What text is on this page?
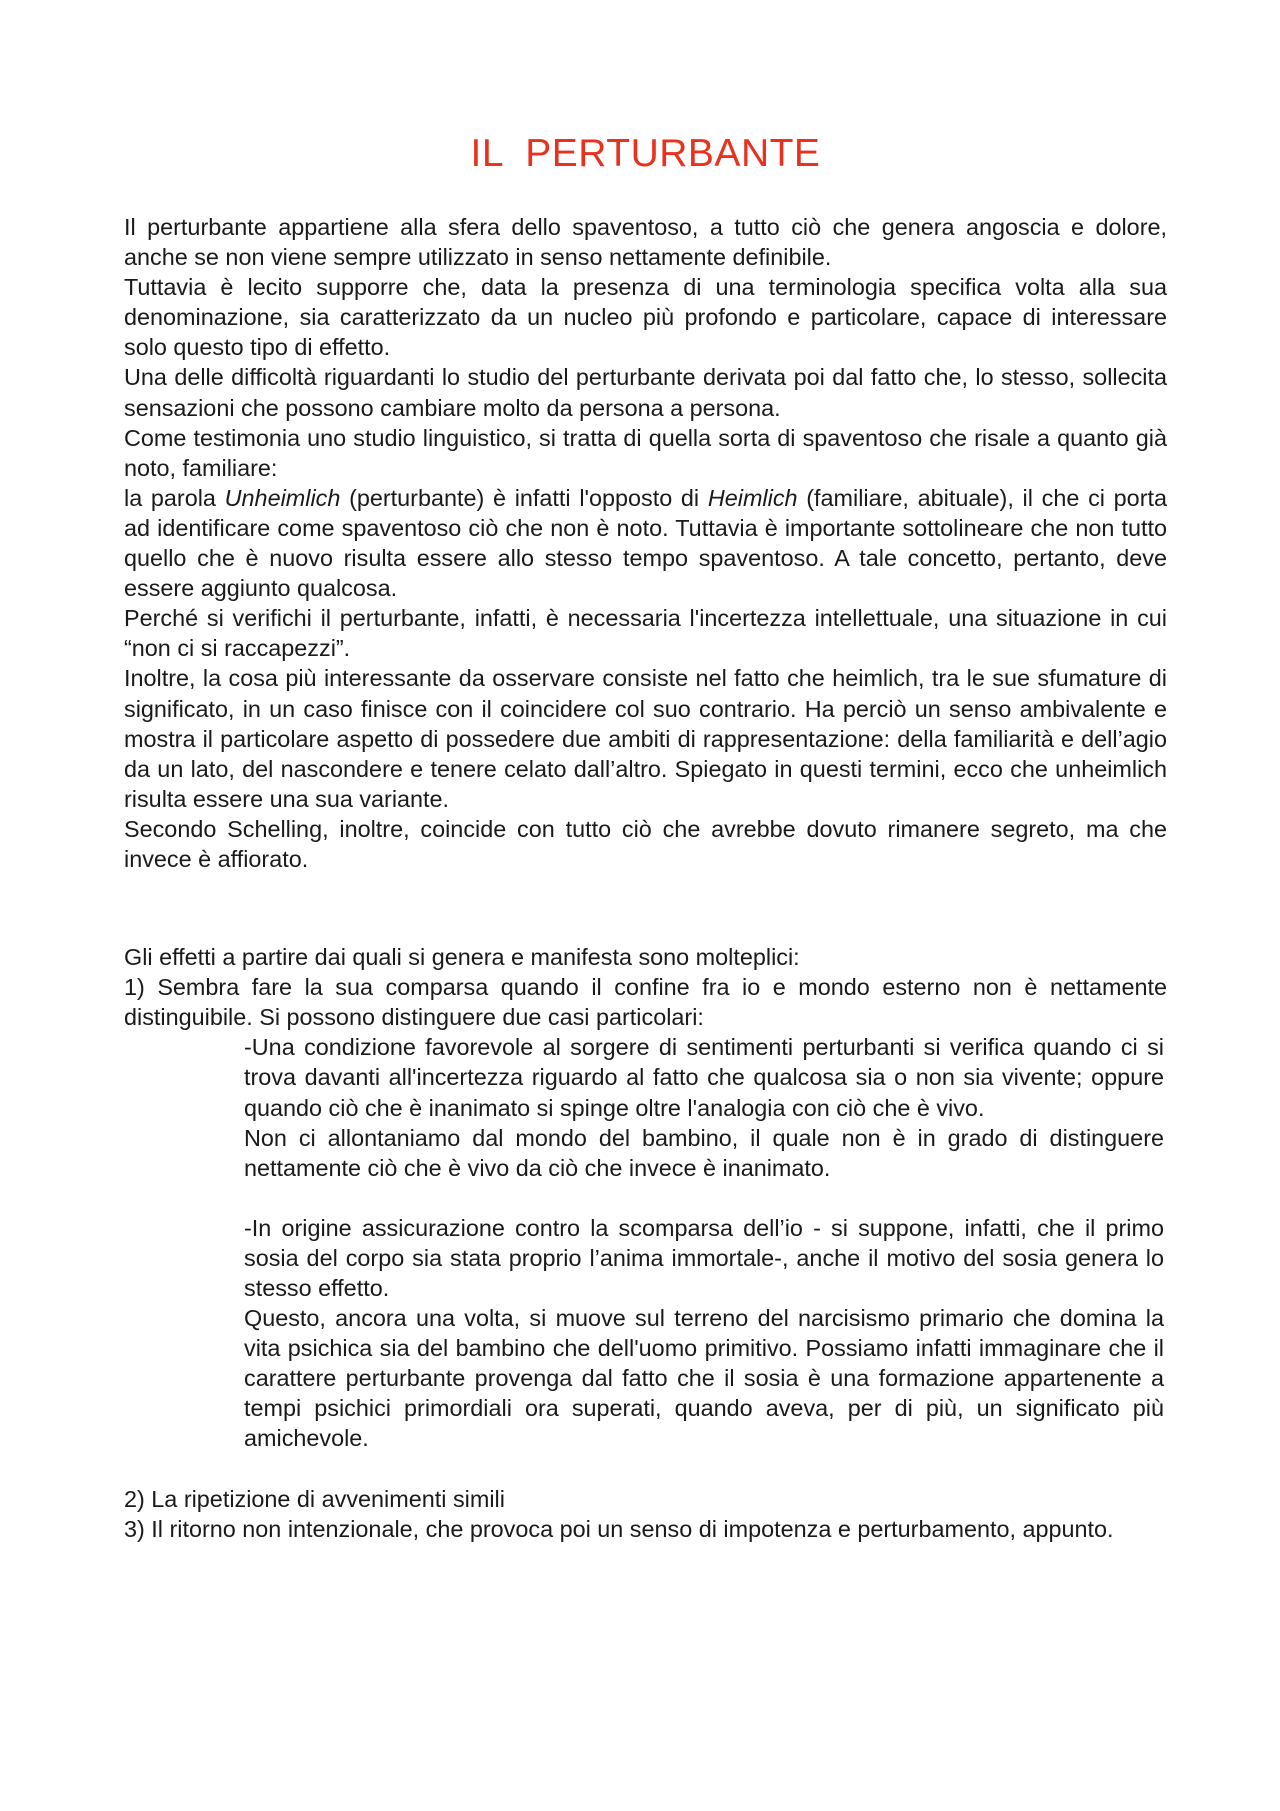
IL  PERTURBANTE

Il perturbante appartiene alla sfera dello spaventoso, a tutto ciò che genera angoscia e dolore, anche se non viene sempre utilizzato in senso nettamente definibile.

Tuttavia è lecito supporre che, data la presenza di una terminologia specifica volta alla sua denominazione, sia caratterizzato da un nucleo più profondo e particolare, capace di interessare solo questo tipo di effetto.

Una delle difficoltà riguardanti lo studio del perturbante derivata poi dal fatto che, lo stesso, sollecita sensazioni che possono cambiare molto da persona a persona.

Come testimonia uno studio linguistico, si tratta di quella sorta di spaventoso che risale a quanto già noto, familiare:

la parola Unheimlich (perturbante) è infatti l'opposto di Heimlich (familiare, abituale), il che ci porta ad identificare come spaventoso ciò che non è noto. Tuttavia è importante sottolineare che non tutto quello che è nuovo risulta essere allo stesso tempo spaventoso. A tale concetto, pertanto, deve essere aggiunto qualcosa.

Perché si verifichi il perturbante, infatti, è necessaria l'incertezza intellettuale, una situazione in cui “non ci si raccapezzi”.

Inoltre, la cosa più interessante da osservare consiste nel fatto che heimlich, tra le sue sfumature di significato, in un caso finisce con il coincidere col suo contrario. Ha perciò un senso ambivalente e mostra il particolare aspetto di possedere due ambiti di rappresentazione: della familiarità e dell’agio da un lato, del nascondere e tenere celato dall’altro. Spiegato in questi termini, ecco che unheimlich risulta essere una sua variante.

Secondo Schelling, inoltre, coincide con tutto ciò che avrebbe dovuto rimanere segreto, ma che invece è affiorato.

Gli effetti a partire dai quali si genera e manifesta sono molteplici:

1) Sembra fare la sua comparsa quando il confine fra io e mondo esterno non è nettamente distinguibile. Si possono distinguere due casi particolari:

-Una condizione favorevole al sorgere di sentimenti perturbanti si verifica quando ci si trova davanti all'incertezza riguardo al fatto che qualcosa sia o non sia vivente; oppure quando ciò che è inanimato si spinge oltre l'analogia con ciò che è vivo.

Non ci allontaniamo dal mondo del bambino, il quale non è in grado di distinguere nettamente ciò che è vivo da ciò che invece è inanimato.

-In origine assicurazione contro la scomparsa dell’io - si suppone, infatti, che il primo sosia del corpo sia stata proprio l’anima immortale-, anche il motivo del sosia genera lo stesso effetto.

Questo, ancora una volta, si muove sul terreno del narcisismo primario che domina la vita psichica sia del bambino che dell'uomo primitivo. Possiamo infatti immaginare che il carattere perturbante provenga dal fatto che il sosia è una formazione appartenente a tempi psichici primordiali ora superati, quando aveva, per di più, un significato più amichevole.

2) La ripetizione di avvenimenti simili

3) Il ritorno non intenzionale, che provoca poi un senso di impotenza e perturbamento, appunto.
